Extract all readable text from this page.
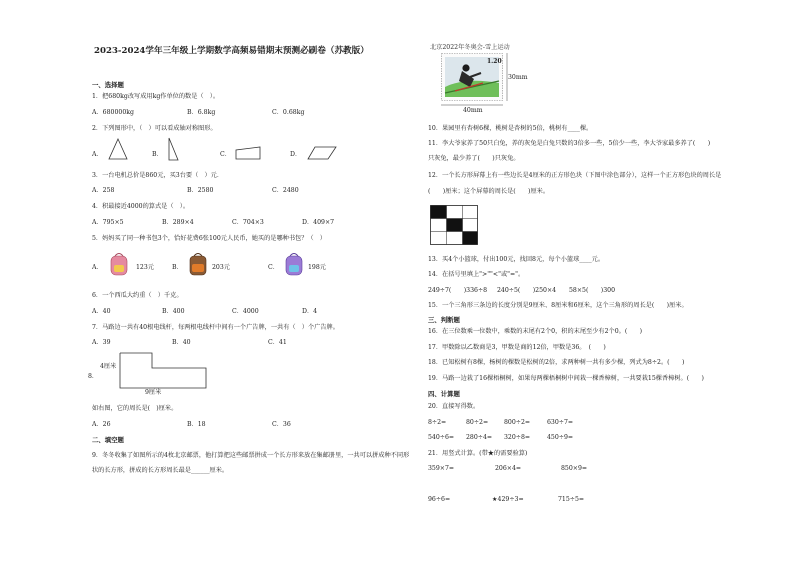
2023-2024学年三年级上学期数学高频易错期末预测必刷卷（苏教版）
一、选择题
1．把680kg改写成用kg作单位的数是（　）。
A．680000kg	B．6.8kg	C．0.68kg
2．下列图形中，（　）可以看成轴对称图形。
A．	B．	C．	D．
3．一台电机总价是860元，买3台要（　）元．
A．258	B．2580	C．2480
4．积最接近4000的算式是（　）。
A．795×5	B．289×4	C．704×3	D．409×7
5．妈妈买了同一种书包3个，恰好花费6张100元人民币，她买的是哪种书包？（　）
A．	123元	B．	203元	C．	198元
6．一个西瓜大约重（　）千克。
A．40	B．400	C．4000	D．4
7．马路边一共有40根电线杆，每两根电线杆中间有一个广告牌，一共有（　）个广告牌。
A．39	B．40	C．41
8．
4厘米
9厘米
如右图，它的周长是(　)厘米。
A．26	B．18	C．36
二、填空题
9．冬冬收集了如图所示的4枚北京邮票，他打算把这些邮票拼成一个长方形来放在集邮册里，一共可以拼成种不同形状的长方形，拼成的长方形周长最是______厘米。
北京2022年冬奥会-雪上运动
1.20
30mm
40mm
10．果园里有杏树6棵，桃树是杏树的5倍，桃树有____棵。
11．李大爷家养了50只白兔，养的灰兔是白兔只数的3倍多一些，5倍少一些，李大爷家最多养了(　　)
只灰兔，最少养了(　　)只灰兔。
12．一个长方形屏幕上有一些边长是4厘米的正方形色块（下图中涂色部分），这样一个正方形色块的周长是
(　　)厘米；这个屏幕的周长是(　　)厘米。
13．买4个小篮球，付出100元，找回8元，每个小篮球____元。
14．在括号里填上">""<"或"="。
249÷7(　　)336÷8 240÷5(　　)250×4 58×5(　　)300
15．一个三角形三条边的长度分别是9厘米、8厘米和6厘米，这个三角形的周长是(　　)厘米。
三、判断题
16．在三位数乘一位数中，乘数的末尾有2个0，积的末尾至少有2个0。(　　)
17．甲数除以乙数商是3，甲数是商的12倍，甲数是36。　(　　)
18．已知松树有8棵，杨树的棵数是松树的2倍，求两种树一共有多少棵，列式为8÷2。(　　)
19．马路一边栽了16棵梧桐树，如果每两棵梧桐树中间栽一棵香樟树，一共要栽15棵香樟树。(　　)
四、计算题
20．直接写得数。
8÷2=	80÷2=	800÷2=	630÷7=
540÷6= 280÷4= 320÷8=	450÷9=
21．用竖式计算。(带★的需要验算)
359×7=	206×4=	850×9=
96÷6=	★429÷3=	715÷5=
